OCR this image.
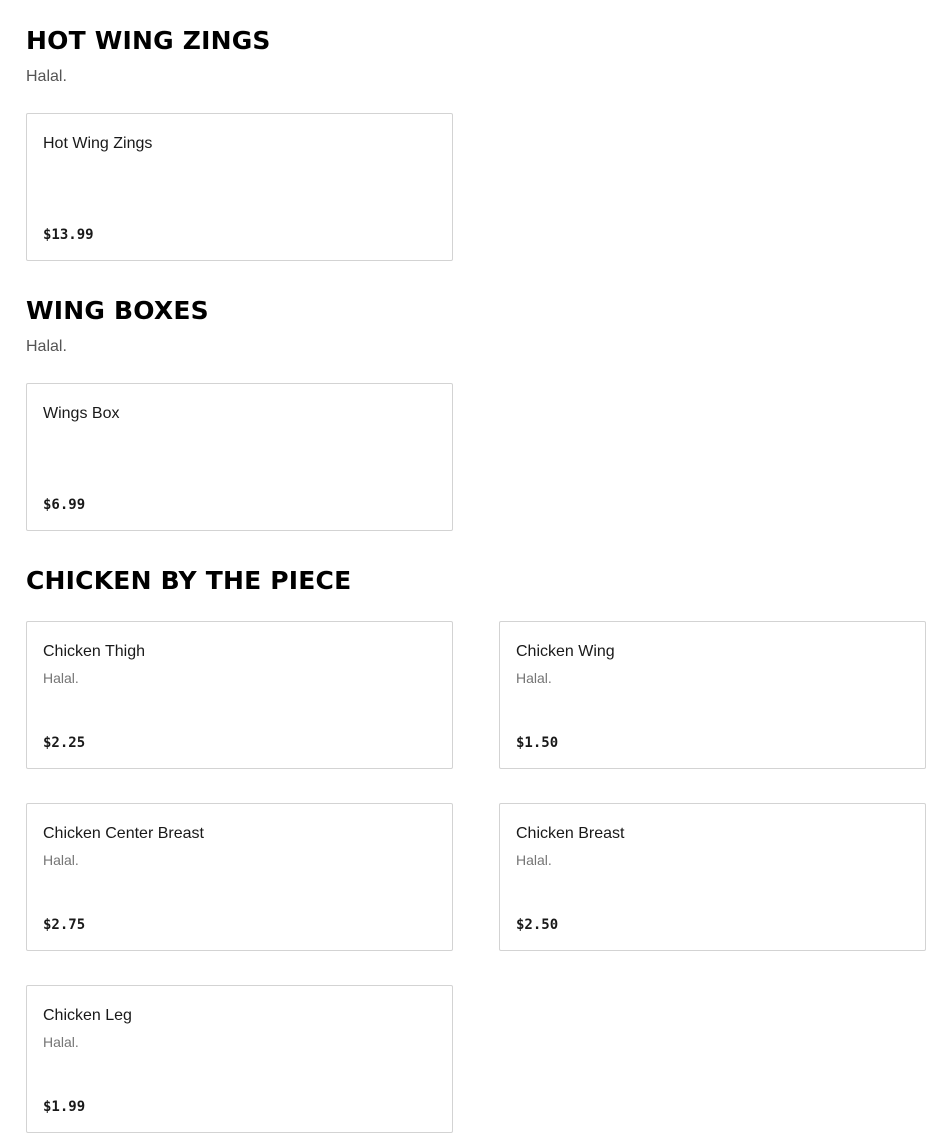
HOT WING ZINGS

Halal.

Hot Wing Zings
$13.99
WING BOXES

Halal.

Wings Box
$6.99
CHICKEN BY THE PIECE
Chicken Thigh
Halal.
$2.25
Chicken Wing
Halal.
$1.50
Chicken Center Breast
Halal.
$2.75
Chicken Breast
Halal.
$2.50
Chicken Leg
Halal.
$1.99
